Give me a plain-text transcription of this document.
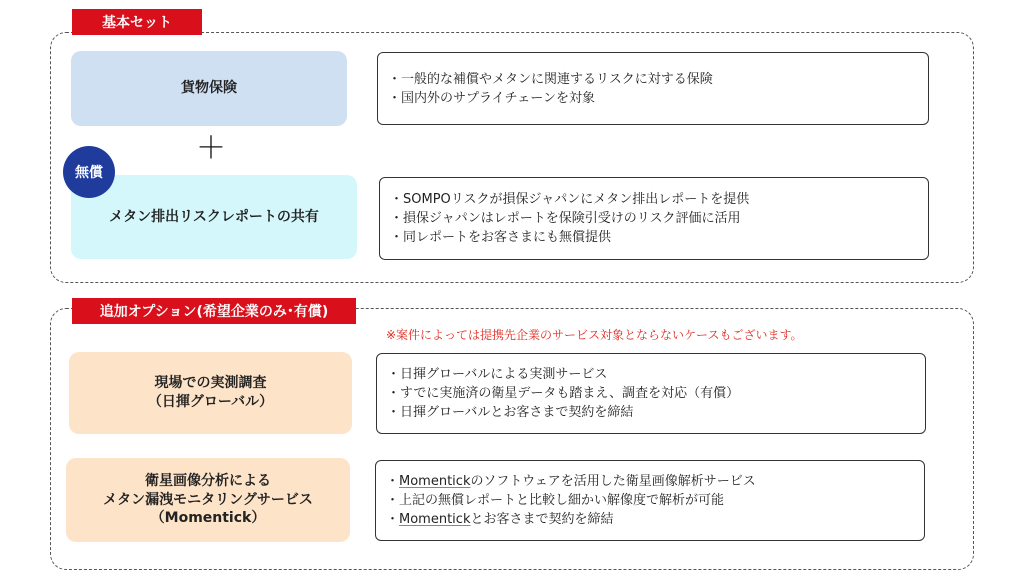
基本セット
貨物保険
・一般的な補償やメタンに関連するリスクに対する保険
・国内外のサプライチェーンを対象
＋
メタン排出リスクレポートの共有
無償
・SOMPOリスクが損保ジャパンにメタン排出レポートを提供
・損保ジャパンはレポートを保険引受けのリスク評価に活用
・同レポートをお客さまにも無償提供
追加オプション(希望企業のみ･有償)
※案件によっては提携先企業のサービス対象とならないケースもございます。
現場での実測調査
（日揮グローバル）
・日揮グローバルによる実測サービス
・すでに実施済の衛星データも踏まえ、調査を対応（有償）
・日揮グローバルとお客さまで契約を締結
衛星画像分析による
メタン漏洩モニタリングサービス
（Momentick）
・Momentickのソフトウェアを活用した衛星画像解析サービス
・上記の無償レポートと比較し細かい解像度で解析が可能
・Momentickとお客さまで契約を締結
